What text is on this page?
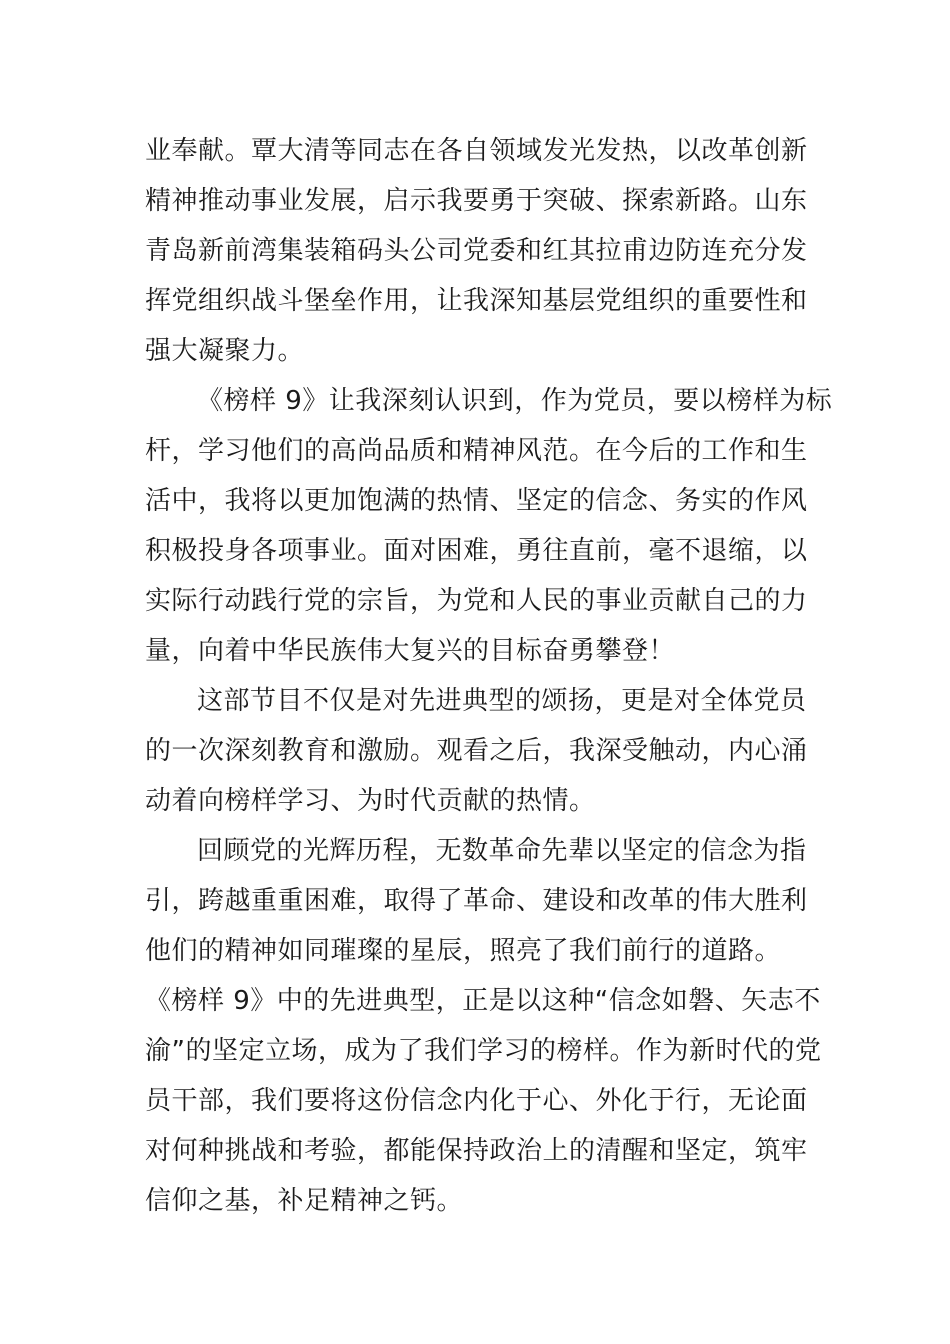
业奉献。覃大清等同志在各自领域发光发热，以改革创新
精神推动事业发展，启示我要勇于突破、探索新路。山东
青岛新前湾集装箱码头公司党委和红其拉甫边防连充分发
挥党组织战斗堡垒作用，让我深知基层党组织的重要性和
强大凝聚力。
《榜样 9》让我深刻认识到，作为党员，要以榜样为标
杆，学习他们的高尚品质和精神风范。在今后的工作和生
活中，我将以更加饱满的热情、坚定的信念、务实的作风
积极投身各项事业。面对困难，勇往直前，毫不退缩，以
实际行动践行党的宗旨，为党和人民的事业贡献自己的力
量，向着中华民族伟大复兴的目标奋勇攀登！
这部节目不仅是对先进典型的颂扬，更是对全体党员
的一次深刻教育和激励。观看之后，我深受触动，内心涌
动着向榜样学习、为时代贡献的热情。
回顾党的光辉历程，无数革命先辈以坚定的信念为指
引，跨越重重困难，取得了革命、建设和改革的伟大胜利
他们的精神如同璀璨的星辰，照亮了我们前行的道路。
《榜样 9》中的先进典型，正是以这种“信念如磐、矢志不
渝”的坚定立场，成为了我们学习的榜样。作为新时代的党
员干部，我们要将这份信念内化于心、外化于行，无论面
对何种挑战和考验，都能保持政治上的清醒和坚定，筑牢
信仰之基，补足精神之钙。
